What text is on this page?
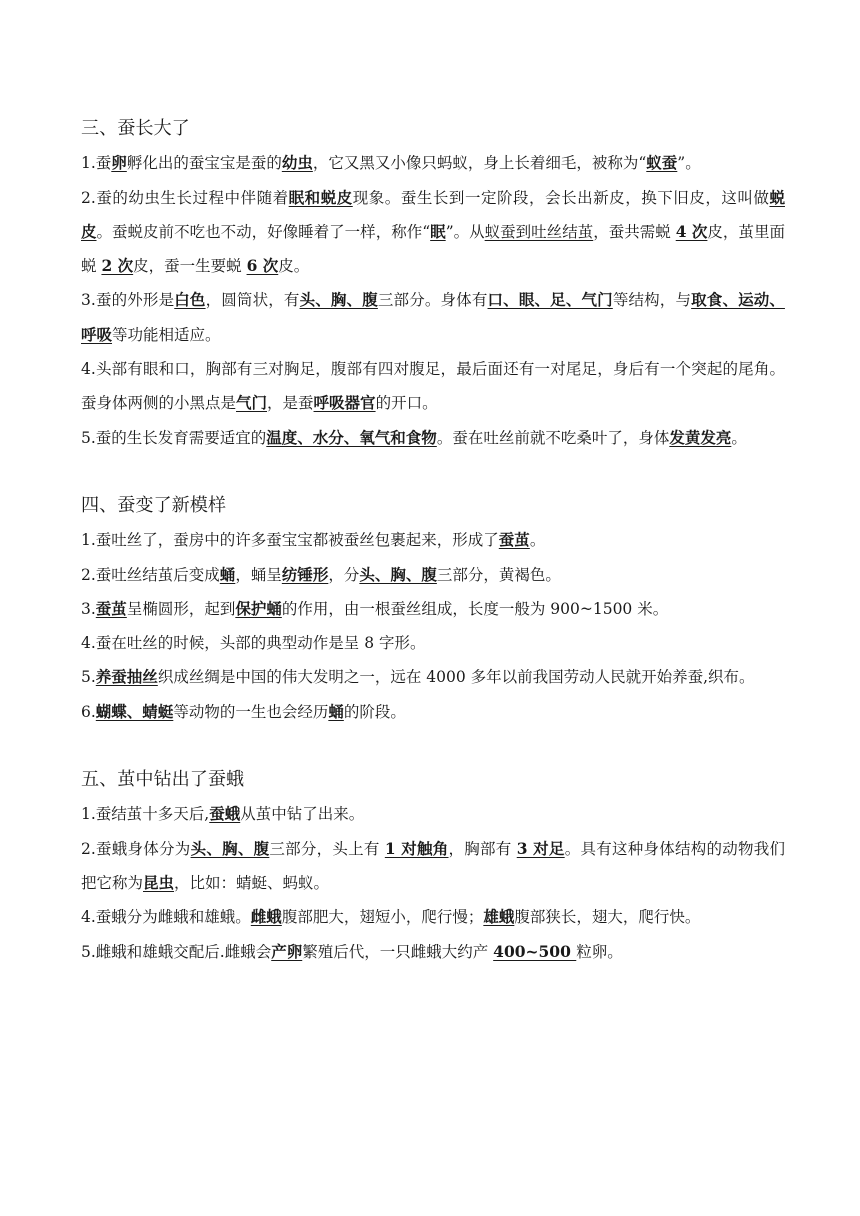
三、蚕长大了

1.蚕卵孵化出的蚕宝宝是蚕的幼虫，它又黑又小像只蚂蚁，身上长着细毛，被称为“蚁蚕”。

2.蚕的幼虫生长过程中伴随着眠和蜕皮现象。蚕生长到一定阶段，会长出新皮，换下旧皮，这叫做蜕皮。蚕蜕皮前不吃也不动，好像睡着了一样，称作“眠”。从蚁蚕到吐丝结茧，蚕共需蜕 4 次皮，茧里面蜕 2 次皮，蚕一生要蜕 6 次皮。

3.蚕的外形是白色，圆筒状，有头、胸、腹三部分。身体有口、眼、足、气门等结构，与取食、运动、呼吸等功能相适应。

4.头部有眼和口，胸部有三对胸足，腹部有四对腹足，最后面还有一对尾足，身后有一个突起的尾角。蚕身体两侧的小黑点是气门，是蚕呼吸器官的开口。

5.蚕的生长发育需要适宜的温度、水分、氧气和食物。蚕在吐丝前就不吃桑叶了，身体发黄发亮。

四、蚕变了新模样

1.蚕吐丝了，蚕房中的许多蚕宝宝都被蚕丝包裹起来，形成了蚕茧。

2.蚕吐丝结茧后变成蛹，蛹呈纺锤形，分头、胸、腹三部分，黄褐色。

3.蚕茧呈椭圆形，起到保护蛹的作用，由一根蚕丝组成，长度一般为 900~1500 米。

4.蚕在吐丝的时候，头部的典型动作是呈 8 字形。

5.养蚕抽丝织成丝绸是中国的伟大发明之一，远在 4000 多年以前我国劳动人民就开始养蚕,织布。

6.蝴蝶、蜻蜓等动物的一生也会经历蛹的阶段。

五、茧中钻出了蚕蛾

1.蚕结茧十多天后,蚕蛾从茧中钻了出来。

2.蚕蛾身体分为头、胸、腹三部分，头上有 1 对触角，胸部有 3 对足。具有这种身体结构的动物我们把它称为昆虫，比如：蜻蜓、蚂蚁。

4.蚕蛾分为雌蛾和雄蛾。雌蛾腹部肥大，翅短小，爬行慢；雄蛾腹部狭长，翅大，爬行快。

5.雌蛾和雄蛾交配后.雌蛾会产卵繁殖后代，一只雌蛾大约产 400~500 粒卵。
